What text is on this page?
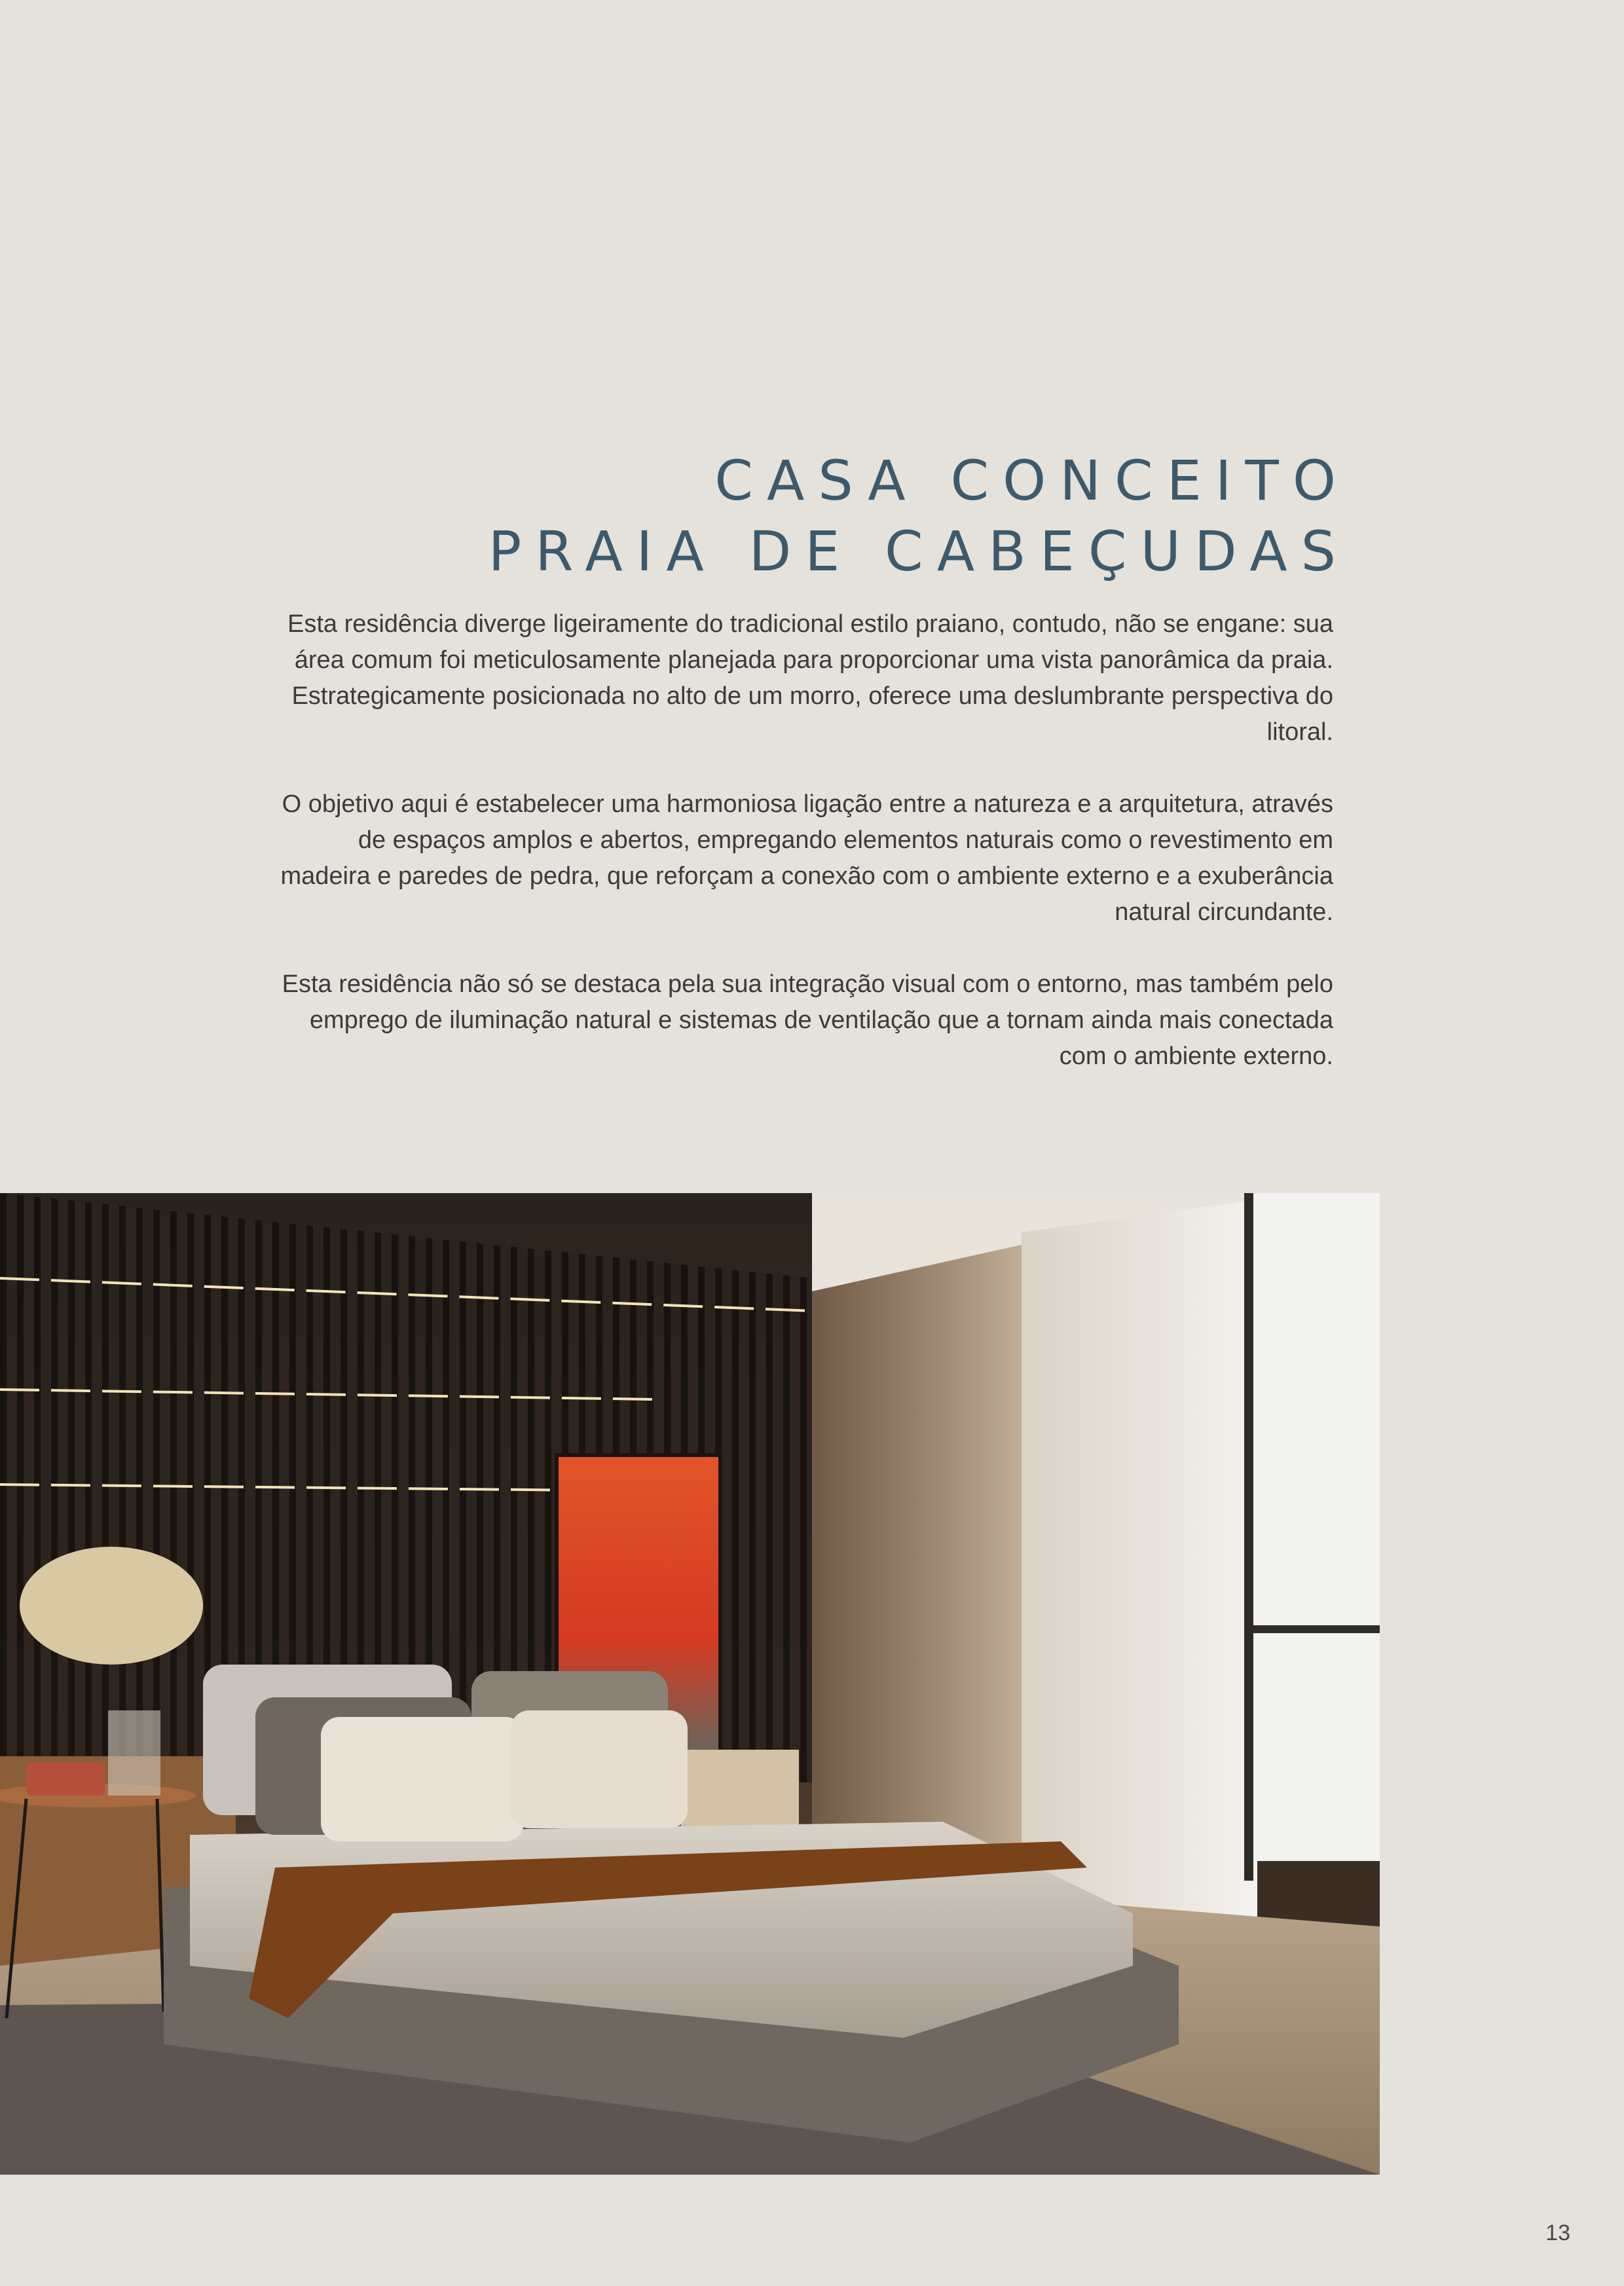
CASA CONCEITO
PRAIA DE CABEÇUDAS

Esta residência diverge ligeiramente do tradicional estilo praiano, contudo, não se engane: sua área comum foi meticulosamente planejada para proporcionar uma vista panorâmica da praia. Estrategicamente posicionada no alto de um morro, oferece uma deslumbrante perspectiva do litoral.

O objetivo aqui é estabelecer uma harmoniosa ligação entre a natureza e a arquitetura, através de espaços amplos e abertos, empregando elementos naturais como o revestimento em madeira e paredes de pedra, que reforçam a conexão com o ambiente externo e a exuberância natural circundante.

Esta residência não só se destaca pela sua integração visual com o entorno, mas também pelo emprego de iluminação natural e sistemas de ventilação que a tornam ainda mais conectada com o ambiente externo.

13
